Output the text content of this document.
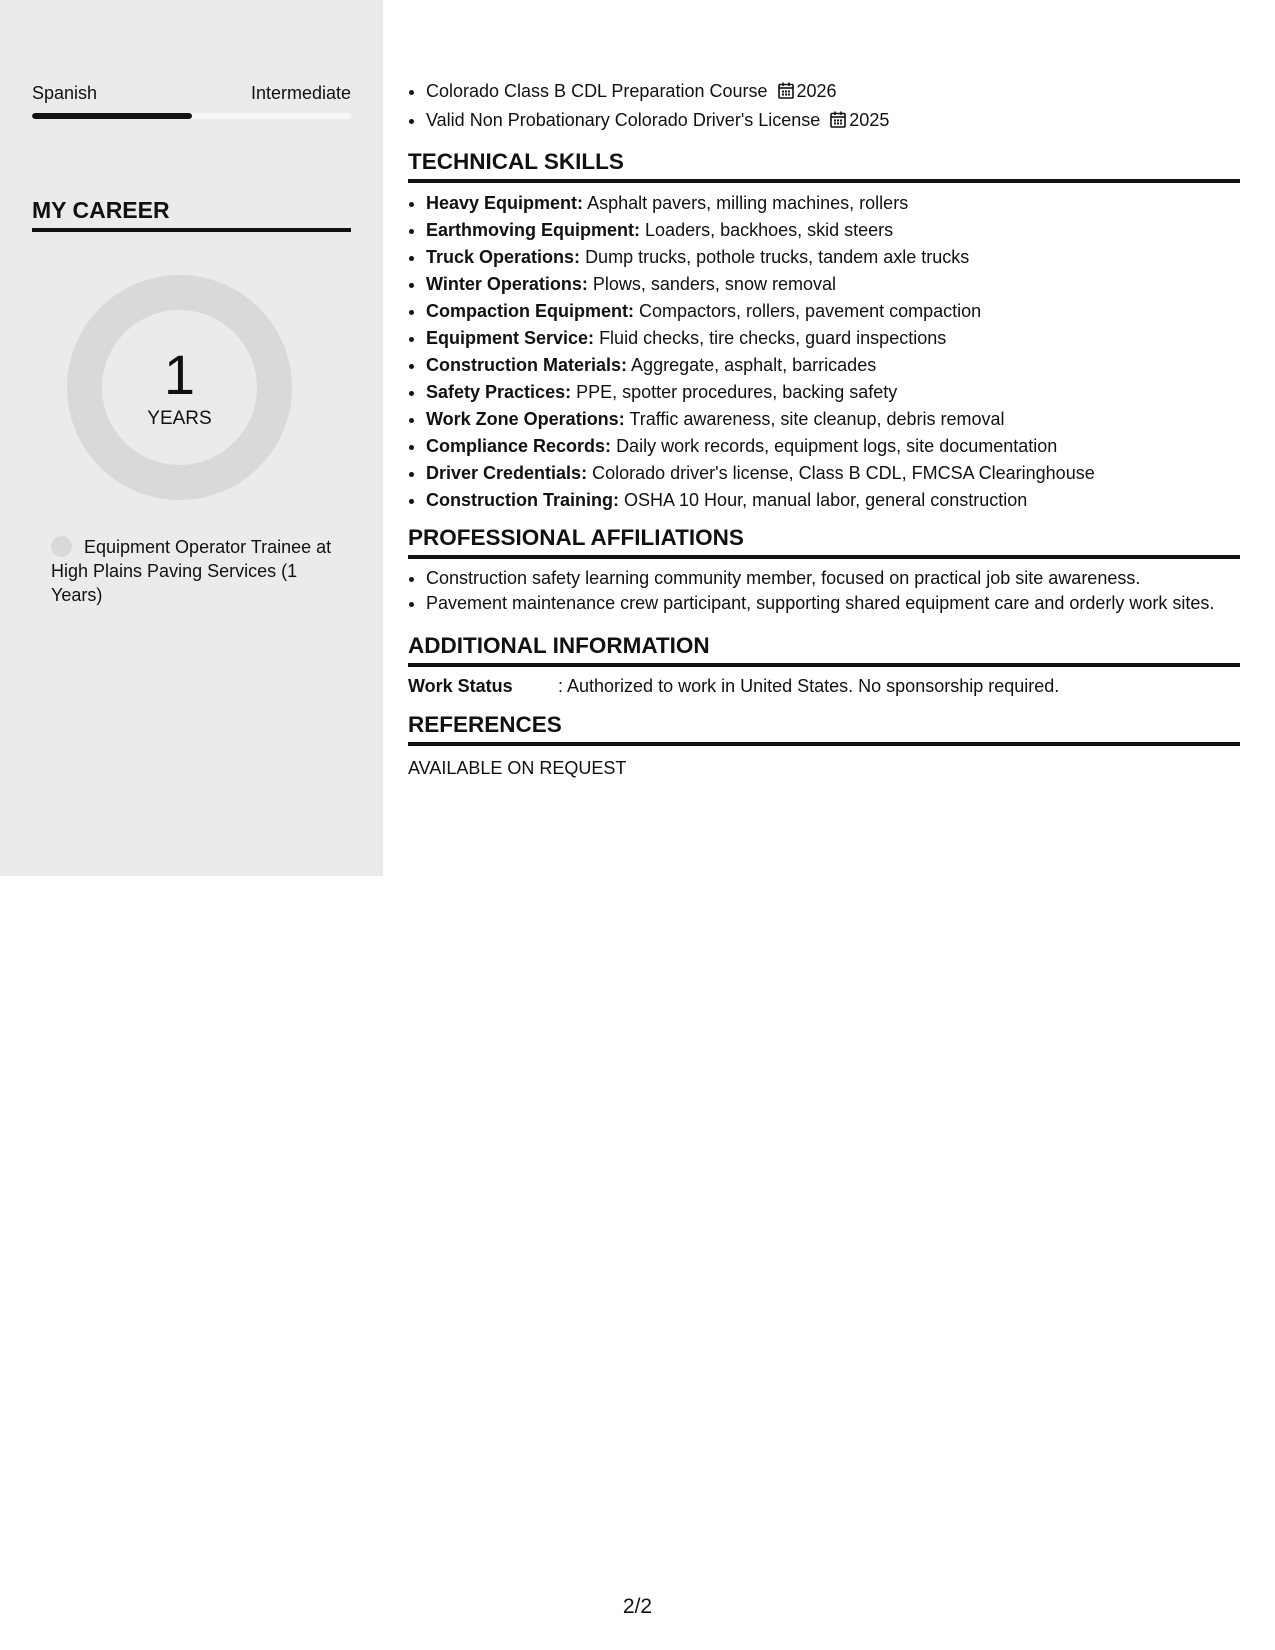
Spanish	Intermediate
MY CAREER
1
YEARS
Equipment Operator Trainee at High Plains Paving Services (1 Years)
• Colorado Class B CDL Preparation Course 2026
• Valid Non Probationary Colorado Driver's License 2025
TECHNICAL SKILLS
• Heavy Equipment: Asphalt pavers, milling machines, rollers
• Earthmoving Equipment: Loaders, backhoes, skid steers
• Truck Operations: Dump trucks, pothole trucks, tandem axle trucks
• Winter Operations: Plows, sanders, snow removal
• Compaction Equipment: Compactors, rollers, pavement compaction
• Equipment Service: Fluid checks, tire checks, guard inspections
• Construction Materials: Aggregate, asphalt, barricades
• Safety Practices: PPE, spotter procedures, backing safety
• Work Zone Operations: Traffic awareness, site cleanup, debris removal
• Compliance Records: Daily work records, equipment logs, site documentation
• Driver Credentials: Colorado driver's license, Class B CDL, FMCSA Clearinghouse
• Construction Training: OSHA 10 Hour, manual labor, general construction
PROFESSIONAL AFFILIATIONS
• Construction safety learning community member, focused on practical job site awareness.
• Pavement maintenance crew participant, supporting shared equipment care and orderly work sites.
ADDITIONAL INFORMATION
Work Status	: Authorized to work in United States. No sponsorship required.
REFERENCES
AVAILABLE ON REQUEST
2/2
